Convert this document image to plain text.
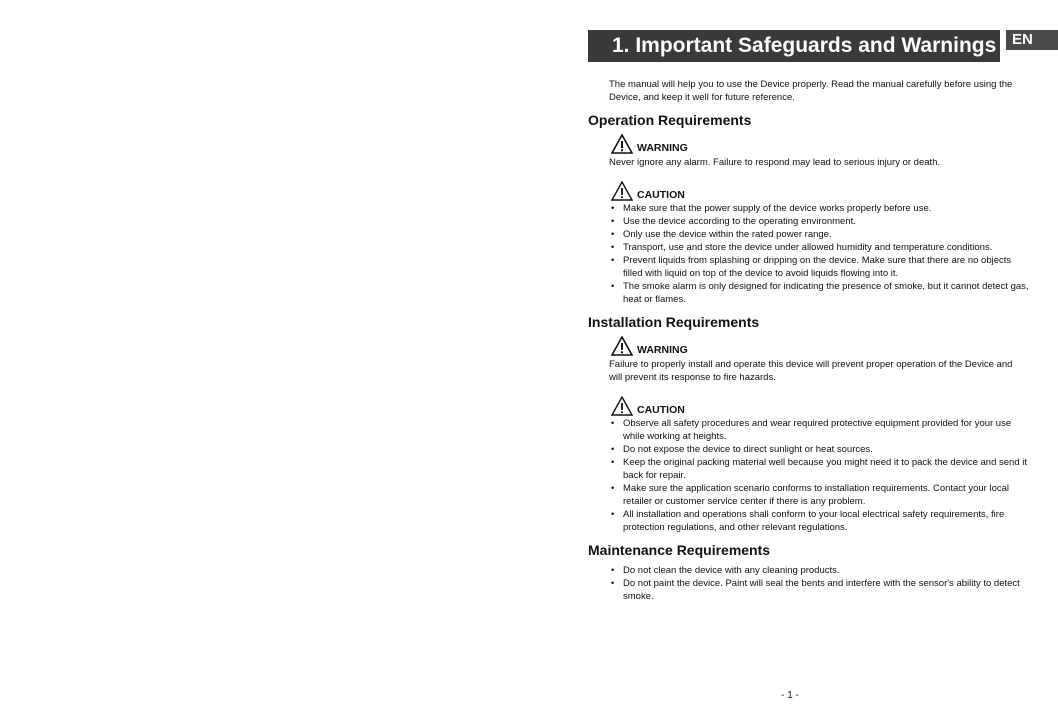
1. Important Safeguards and Warnings	EN

The manual will help you to use the Device properly. Read the manual carefully before using the Device, and keep it well for future reference.

Operation Requirements
WARNING

Never ignore any alarm. Failure to respond may lead to serious injury or death.

CAUTION
• Make sure that the power supply of the device works properly before use.
• Use the device according to the operating environment.
• Only use the device within the rated power range.
• Transport, use and store the device under allowed humidity and temperature conditions.
• Prevent liquids from splashing or dripping on the device. Make sure that there are no objects filled with liquid on top of the device to avoid liquids flowing into it.
• The smoke alarm is only designed for indicating the presence of smoke, but it cannot detect gas, heat or flames.
Installation Requirements
WARNING

Failure to properly install and operate this device will prevent proper operation of the Device and will prevent its response to fire hazards.

CAUTION
• Observe all safety procedures and wear required protective equipment provided for your use while working at heights.
• Do not expose the device to direct sunlight or heat sources.
• Keep the original packing material well because you might need it to pack the device and send it back for repair.
• Make sure the application scenario conforms to installation requirements. Contact your local retailer or customer service center if there is any problem.
• All installation and operations shall conform to your local electrical safety requirements, fire protection regulations, and other relevant regulations.
Maintenance Requirements
• Do not clean the device with any cleaning products.
• Do not paint the device. Paint will seal the bents and interfere with the sensor's ability to detect smoke.
- 1 -
